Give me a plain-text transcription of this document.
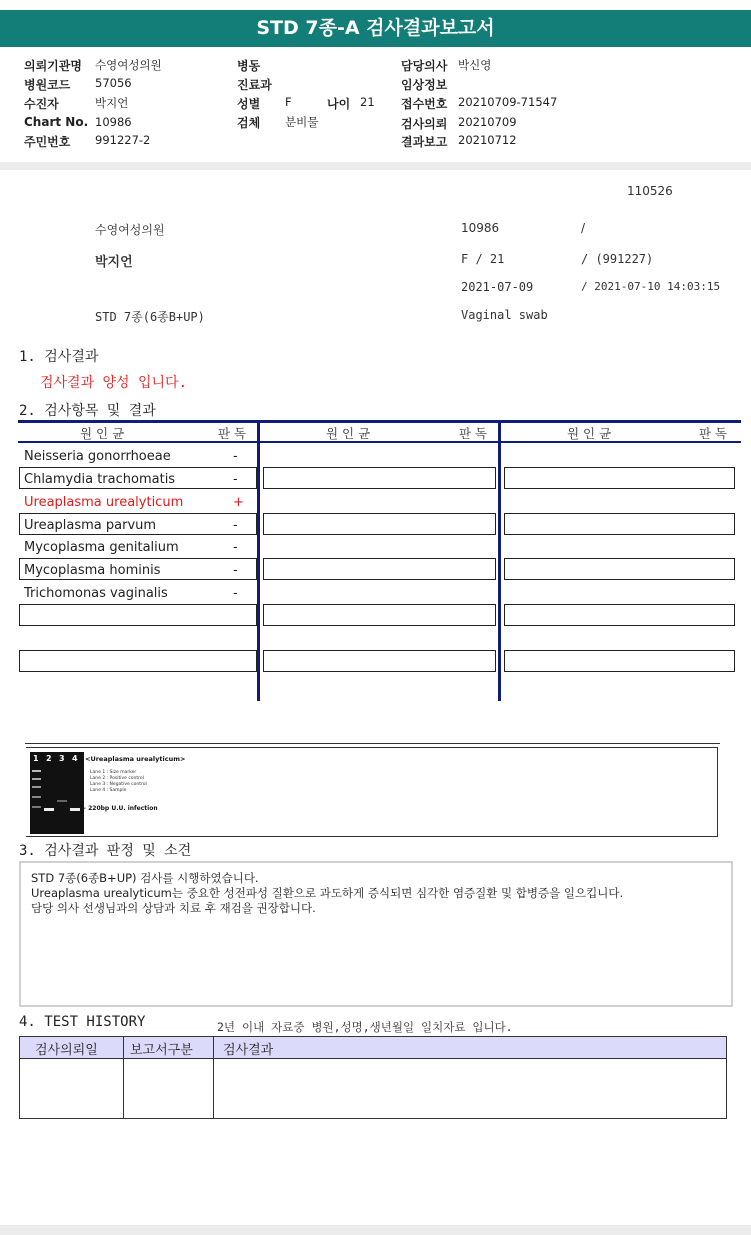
STD 7종-A 검사결과보고서
의뢰기관명 수영여성의원
병원코드 57056
수진자	박지언
Chart No. 10986
주민번호 991227-2
병동
진료과
성별 F	나이 21
검체 분비물
담당의사 박신영
임상정보
접수번호 20210709-71547
검사의뢰 20210709
결과보고 20210712
110526
수영여성의원	10986	/
박지언	F / 21	/ (991227)
2021-07-09	/ 2021-07-10 14:03:15
STD 7종(6종B+UP)	Vaginal swab
1. 검사결과
검사결과 양성 입니다.
2. 검사항목 및 결과
원 인 균	판 독	원 인 균	판 독	원 인 균	판 독
Neisseria gonorrhoeae	-
Chlamydia trachomatis	-
Ureaplasma urealyticum	+
Ureaplasma parvum	-
Mycoplasma genitalium	-
Mycoplasma hominis	-
Trichomonas vaginalis	-
1 2 3 4 <Ureaplasma urealyticum>
Lane 1 : Size marker
Lane 2 : Positive control
Lane 3 : Negative control
Lane 4 : Sample
← 220bp U.U. infection
3. 검사결과 판정 및 소견
STD 7종(6종B+UP) 검사를 시행하였습니다.
Ureaplasma urealyticum는 중요한 성전파성 질환으로 과도하게 증식되면 심각한 염증질환 및 합병증을 일으킵니다.
담당 의사 선생님과의 상담과 치료 후 재검을 권장합니다.
4. TEST HISTORY	2년 이내 자료중 병원,성명,생년월일 일치자료 입니다.
검사의뢰일 보고서구분 검사결과
